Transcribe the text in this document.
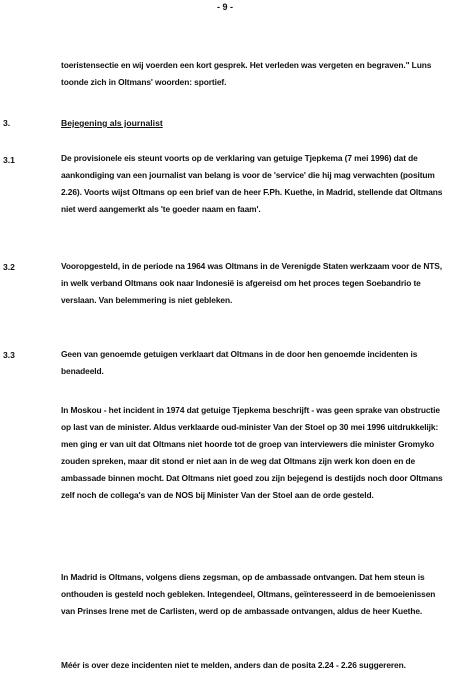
- 9 -
toeristensectie en wij voerden een kort gesprek. Het verleden was vergeten en begraven." Luns toonde zich in Oltmans' woorden: sportief.
3.	Bejegening als journalist
3.1	De provisionele eis steunt voorts op de verklaring van getuige Tjepkema (7 mei 1996) dat de aankondiging van een journalist van belang is voor de 'service' die hij mag verwachten (positum 2.26). Voorts wijst Oltmans op een brief van de heer F.Ph. Kuethe, in Madrid, stellende dat Oltmans niet werd aangemerkt als 'te goeder naam en faam'.
3.2	Vooropgesteld, in de periode na 1964 was Oltmans in de Verenigde Staten werkzaam voor de NTS, in welk verband Oltmans ook naar Indonesië is afgereisd om het proces tegen Soebandrio te verslaan. Van belemmering is niet gebleken.
3.3	Geen van genoemde getuigen verklaart dat Oltmans in de door hen genoemde incidenten is benadeeld.
In Moskou - het incident in 1974 dat getuige Tjepkema beschrijft - was geen sprake van obstructie op last van de minister. Aldus verklaarde oud-minister Van der Stoel op 30 mei 1996 uitdrukkelijk: men ging er van uit dat Oltmans niet hoorde tot de groep van interviewers die minister Gromyko zouden spreken, maar dit stond er niet aan in de weg dat Oltmans zijn werk kon doen en de ambassade binnen mocht. Dat Oltmans niet goed zou zijn bejegend is destijds noch door Oltmans zelf noch de collega's van de NOS bij Minister Van der Stoel aan de orde gesteld.
In Madrid is Oltmans, volgens diens zegsman, op de ambassade ontvangen. Dat hem steun is onthouden is gesteld noch gebleken. Integendeel, Oltmans, geïnteresseerd in de bemoeienissen van Prinses Irene met de Carlisten, werd op de ambassade ontvangen, aldus de heer Kuethe.
Méér is over deze incidenten niet te melden, anders dan de posita 2.24 - 2.26 suggereren.
